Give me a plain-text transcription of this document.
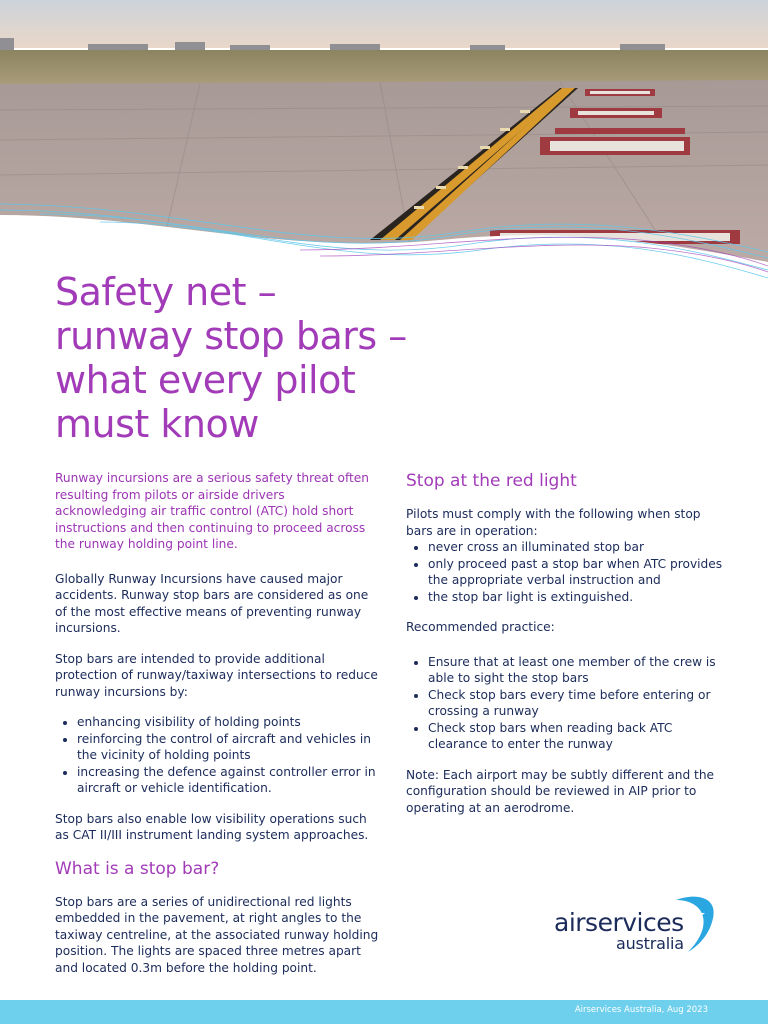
Safety net –
runway stop bars –
what every pilot
must know

Runway incursions are a serious safety threat often resulting from pilots or airside drivers acknowledging air traffic control (ATC) hold short instructions and then continuing to proceed across the runway holding point line.

Globally Runway Incursions have caused major accidents. Runway stop bars are considered as one of the most effective means of preventing runway incursions.

Stop bars are intended to provide additional protection of runway/taxiway intersections to reduce runway incursions by:

• enhancing visibility of holding points
• reinforcing the control of aircraft and vehicles in the vicinity of holding points
• increasing the defence against controller error in aircraft or vehicle identification.

Stop bars also enable low visibility operations such as CAT II/III instrument landing system approaches.

What is a stop bar?

Stop bars are a series of unidirectional red lights embedded in the pavement, at right angles to the taxiway centreline, at the associated runway holding position. The lights are spaced three metres apart and located 0.3m before the holding point.

Stop at the red light

Pilots must comply with the following when stop bars are in operation:

• never cross an illuminated stop bar
• only proceed past a stop bar when ATC provides the appropriate verbal instruction and
• the stop bar light is extinguished.

Recommended practice:

• Ensure that at least one member of the crew is able to sight the stop bars
• Check stop bars every time before entering or crossing a runway
• Check stop bars when reading back ATC clearance to enter the runway

Note: Each airport may be subtly different and the configuration should be reviewed in AIP prior to operating at an aerodrome.

airservices
australia
Airservices Australia, Aug 2023
